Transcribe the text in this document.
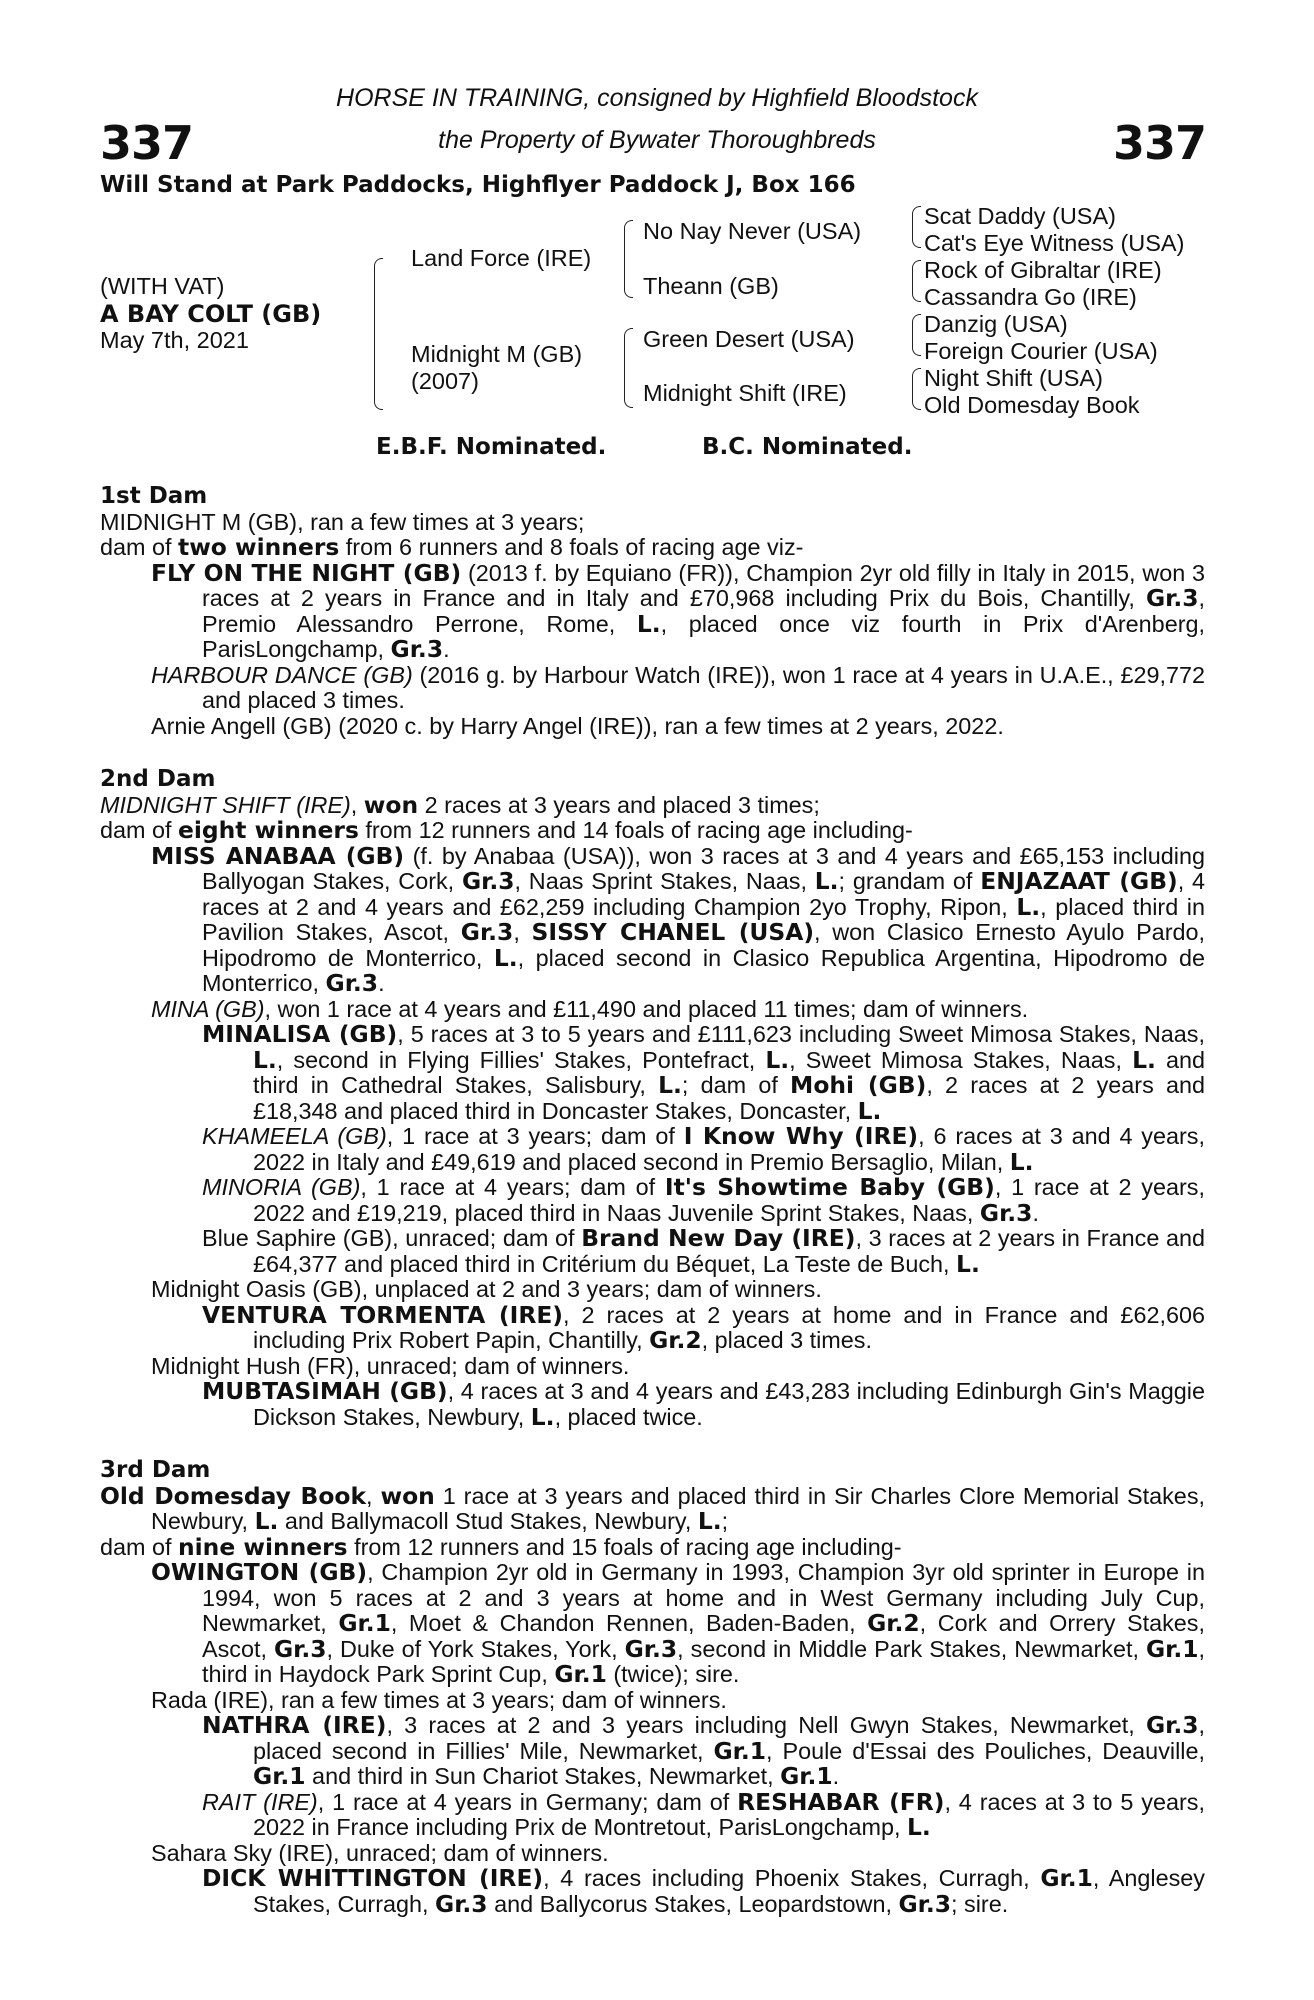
337	337
HORSE IN TRAINING, consigned by Highfield Bloodstock
the Property of Bywater Thoroughbreds
Will Stand at Park Paddocks, Highflyer Paddock J, Box 166
(WITH VAT)
A BAY COLT (GB)
May 7th, 2021
Land Force (IRE)
Midnight M (GB)
(2007)
No Nay Never (USA)
Theann (GB)
Green Desert (USA)
Midnight Shift (IRE)
Scat Daddy (USA)
Cat's Eye Witness (USA)
Rock of Gibraltar (IRE)
Cassandra Go (IRE)
Danzig (USA)
Foreign Courier (USA)
Night Shift (USA)
Old Domesday Book
E.B.F. Nominated.	B.C. Nominated.
1st Dam
MIDNIGHT M (GB), ran a few times at 3 years;
dam of two winners from 6 runners and 8 foals of racing age viz-
FLY ON THE NIGHT (GB) (2013 f. by Equiano (FR)), Champion 2yr old filly in Italy in 2015, won 3 races at 2 years in France and in Italy and £70,968 including Prix du Bois, Chantilly, Gr.3, Premio Alessandro Perrone, Rome, L., placed once viz fourth in Prix d'Arenberg, ParisLongchamp, Gr.3.
HARBOUR DANCE (GB) (2016 g. by Harbour Watch (IRE)), won 1 race at 4 years in U.A.E., £29,772 and placed 3 times.
Arnie Angell (GB) (2020 c. by Harry Angel (IRE)), ran a few times at 2 years, 2022.
2nd Dam
MIDNIGHT SHIFT (IRE), won 2 races at 3 years and placed 3 times;
dam of eight winners from 12 runners and 14 foals of racing age including-
MISS ANABAA (GB) (f. by Anabaa (USA)), won 3 races at 3 and 4 years and £65,153 including Ballyogan Stakes, Cork, Gr.3, Naas Sprint Stakes, Naas, L.; grandam of ENJAZAAT (GB), 4 races at 2 and 4 years and £62,259 including Champion 2yo Trophy, Ripon, L., placed third in Pavilion Stakes, Ascot, Gr.3, SISSY CHANEL (USA), won Clasico Ernesto Ayulo Pardo, Hipodromo de Monterrico, L., placed second in Clasico Republica Argentina, Hipodromo de Monterrico, Gr.3.
MINA (GB), won 1 race at 4 years and £11,490 and placed 11 times; dam of winners.
MINALISA (GB), 5 races at 3 to 5 years and £111,623 including Sweet Mimosa Stakes, Naas, L., second in Flying Fillies' Stakes, Pontefract, L., Sweet Mimosa Stakes, Naas, L. and third in Cathedral Stakes, Salisbury, L.; dam of Mohi (GB), 2 races at 2 years and £18,348 and placed third in Doncaster Stakes, Doncaster, L.
KHAMEELA (GB), 1 race at 3 years; dam of I Know Why (IRE), 6 races at 3 and 4 years, 2022 in Italy and £49,619 and placed second in Premio Bersaglio, Milan, L.
MINORIA (GB), 1 race at 4 years; dam of It's Showtime Baby (GB), 1 race at 2 years, 2022 and £19,219, placed third in Naas Juvenile Sprint Stakes, Naas, Gr.3.
Blue Saphire (GB), unraced; dam of Brand New Day (IRE), 3 races at 2 years in France and £64,377 and placed third in Critérium du Béquet, La Teste de Buch, L.
Midnight Oasis (GB), unplaced at 2 and 3 years; dam of winners.
VENTURA TORMENTA (IRE), 2 races at 2 years at home and in France and £62,606 including Prix Robert Papin, Chantilly, Gr.2, placed 3 times.
Midnight Hush (FR), unraced; dam of winners.
MUBTASIMAH (GB), 4 races at 3 and 4 years and £43,283 including Edinburgh Gin's Maggie Dickson Stakes, Newbury, L., placed twice.
3rd Dam
Old Domesday Book, won 1 race at 3 years and placed third in Sir Charles Clore Memorial Stakes, Newbury, L. and Ballymacoll Stud Stakes, Newbury, L.;
dam of nine winners from 12 runners and 15 foals of racing age including-
OWINGTON (GB), Champion 2yr old in Germany in 1993, Champion 3yr old sprinter in Europe in 1994, won 5 races at 2 and 3 years at home and in West Germany including July Cup, Newmarket, Gr.1, Moet & Chandon Rennen, Baden-Baden, Gr.2, Cork and Orrery Stakes, Ascot, Gr.3, Duke of York Stakes, York, Gr.3, second in Middle Park Stakes, Newmarket, Gr.1, third in Haydock Park Sprint Cup, Gr.1 (twice); sire.
Rada (IRE), ran a few times at 3 years; dam of winners.
NATHRA (IRE), 3 races at 2 and 3 years including Nell Gwyn Stakes, Newmarket, Gr.3, placed second in Fillies' Mile, Newmarket, Gr.1, Poule d'Essai des Pouliches, Deauville, Gr.1 and third in Sun Chariot Stakes, Newmarket, Gr.1.
RAIT (IRE), 1 race at 4 years in Germany; dam of RESHABAR (FR), 4 races at 3 to 5 years, 2022 in France including Prix de Montretout, ParisLongchamp, L.
Sahara Sky (IRE), unraced; dam of winners.
DICK WHITTINGTON (IRE), 4 races including Phoenix Stakes, Curragh, Gr.1, Anglesey Stakes, Curragh, Gr.3 and Ballycorus Stakes, Leopardstown, Gr.3; sire.
